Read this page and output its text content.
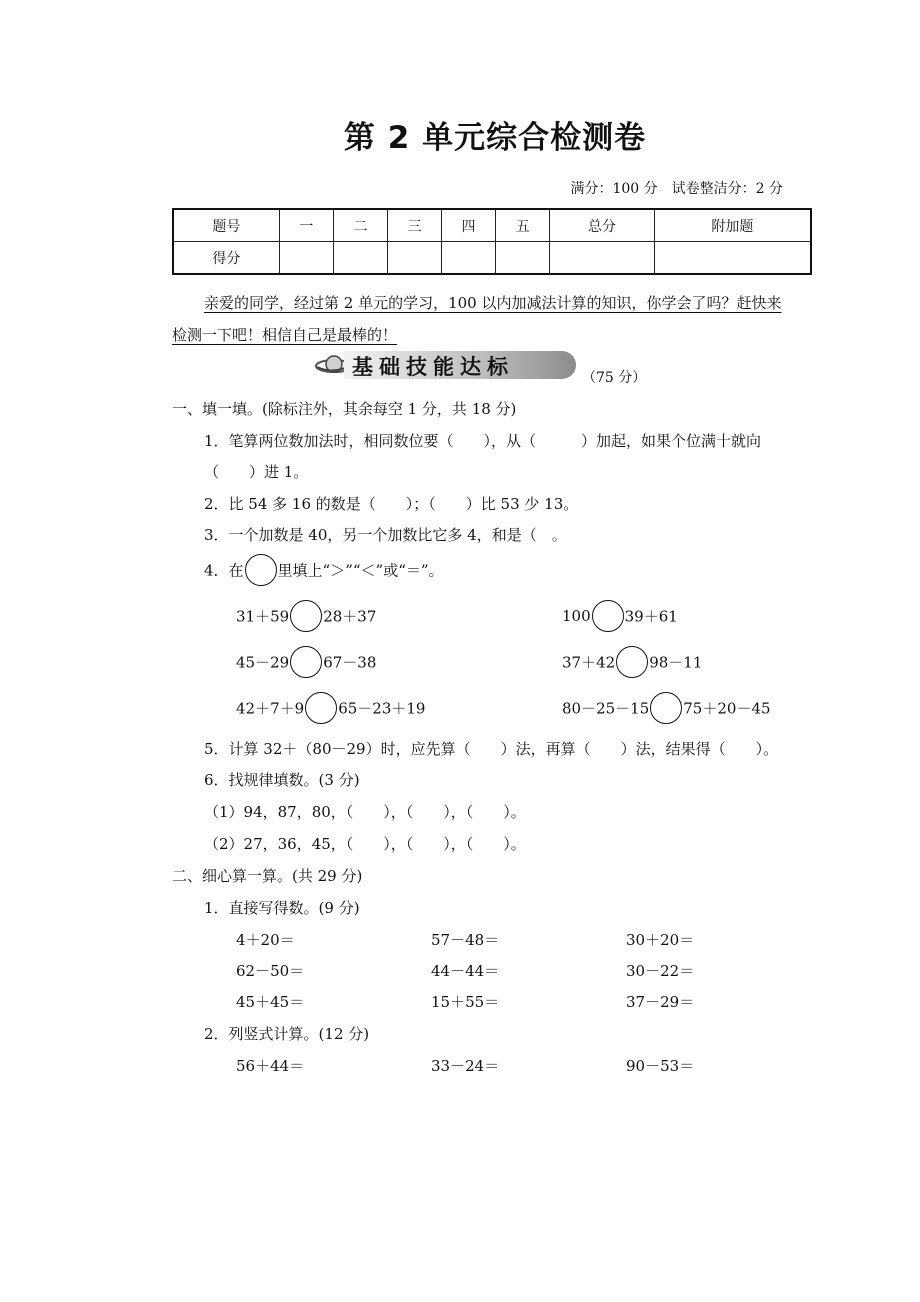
第 2 单元综合检测卷
满分：100 分　试卷整洁分：2 分
题号	一	二	三	四	五	总分	附加题
得分							
亲爱的同学，经过第 2 单元的学习，100 以内加减法计算的知识，你学会了吗？赶快来检测一下吧！相信自己是最棒的！
基础技能达标	（75 分）
一、填一填。(除标注外，其余每空 1 分，共 18 分)
1．笔算两位数加法时，相同数位要（　　），从（　　　）加起，如果个位满十就向
（　　）进 1。
2．比 54 多 16 的数是（　　）；（　　）比 53 少 13。
3．一个加数是 40，另一个加数比它多 4，和是（　。
4．在 里填上“＞”“＜”或“＝”。
31＋59 28＋37	100 39＋61
45－29 67－38	37＋42 98－11
42＋7＋9 65－23＋19	80－25－15 75＋20－45
5．计算 32＋（80－29）时，应先算（　　）法，再算（　　）法，结果得（　　）。
6．找规律填数。(3 分)
（1）94，87，80，（　　），（　　），（　　）。
（2）27，36，45，（　　），（　　），（　　）。
二、细心算一算。(共 29 分)
1．直接写得数。(9 分)
4＋20＝	57－48＝	30＋20＝
62－50＝	44－44＝	30－22＝
45＋45＝	15＋55＝	37－29＝
2．列竖式计算。(12 分)
56＋44＝	33－24＝	90－53＝
